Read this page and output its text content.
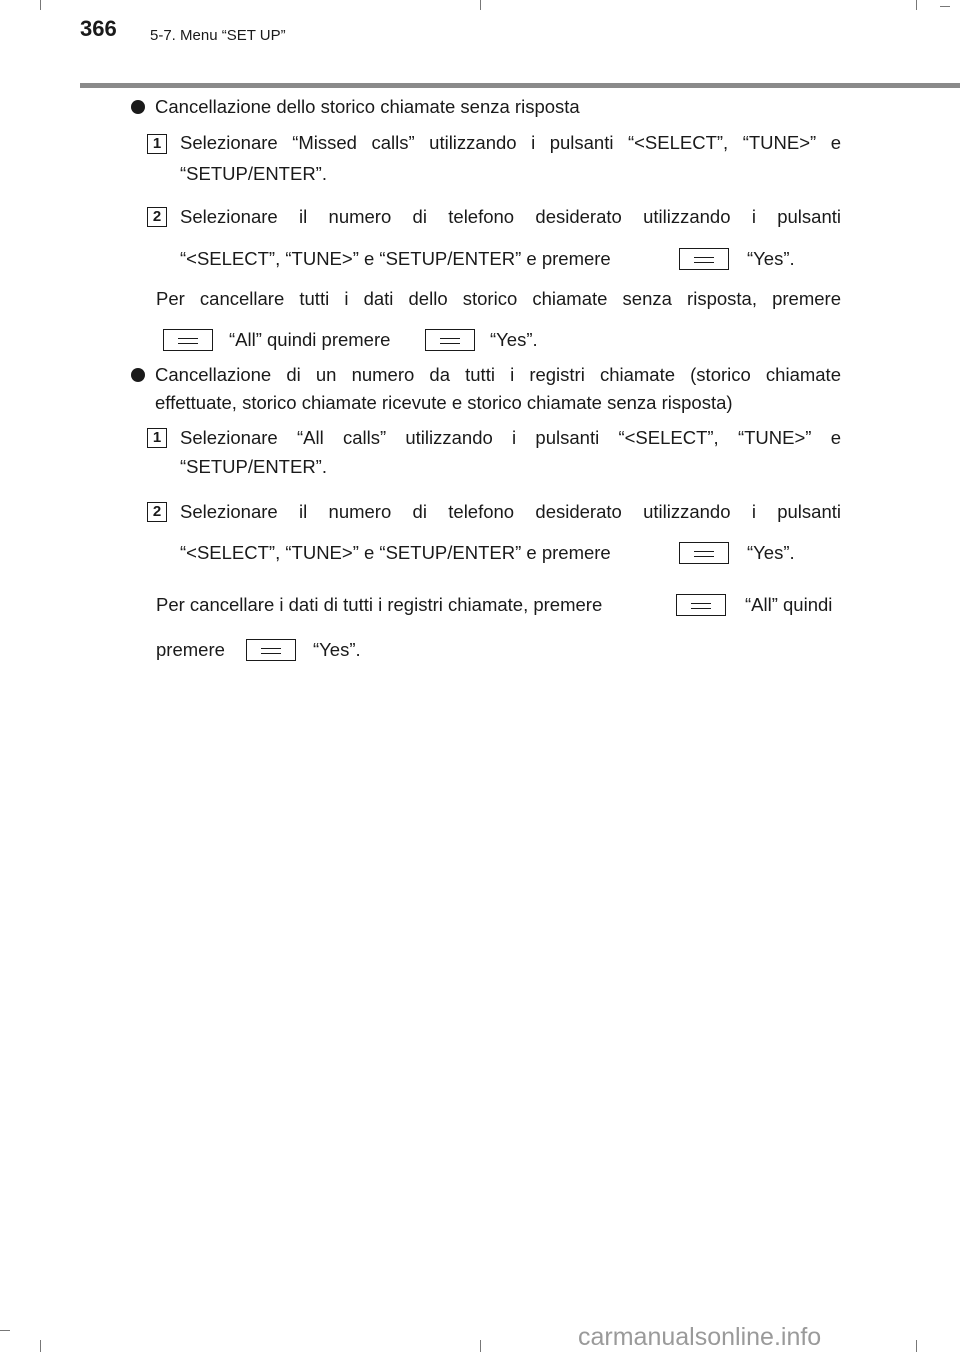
366 5-7. Menu “SET UP”
Cancellazione dello storico chiamate senza risposta
1	Selezionare “Missed calls” utilizzando i pulsanti “<SELECT”, “TUNE>” e
“SETUP/ENTER”.
2	Selezionare il numero di telefono desiderato utilizzando i pulsanti
“<SELECT”, “TUNE>” e “SETUP/ENTER” e premere	“Yes”.
Per cancellare tutti i dati dello storico chiamate senza risposta, premere
“All” quindi premere	“Yes”.
Cancellazione di un numero da tutti i registri chiamate (storico chiamate
effettuate, storico chiamate ricevute e storico chiamate senza risposta)
1	Selezionare “All calls” utilizzando i pulsanti “<SELECT”, “TUNE>” e
“SETUP/ENTER”.
2	Selezionare il numero di telefono desiderato utilizzando i pulsanti
“<SELECT”, “TUNE>” e “SETUP/ENTER” e premere	“Yes”.
Per cancellare i dati di tutti i registri chiamate, premere	“All” quindi
premere	“Yes”.
carmanualsonline.info
